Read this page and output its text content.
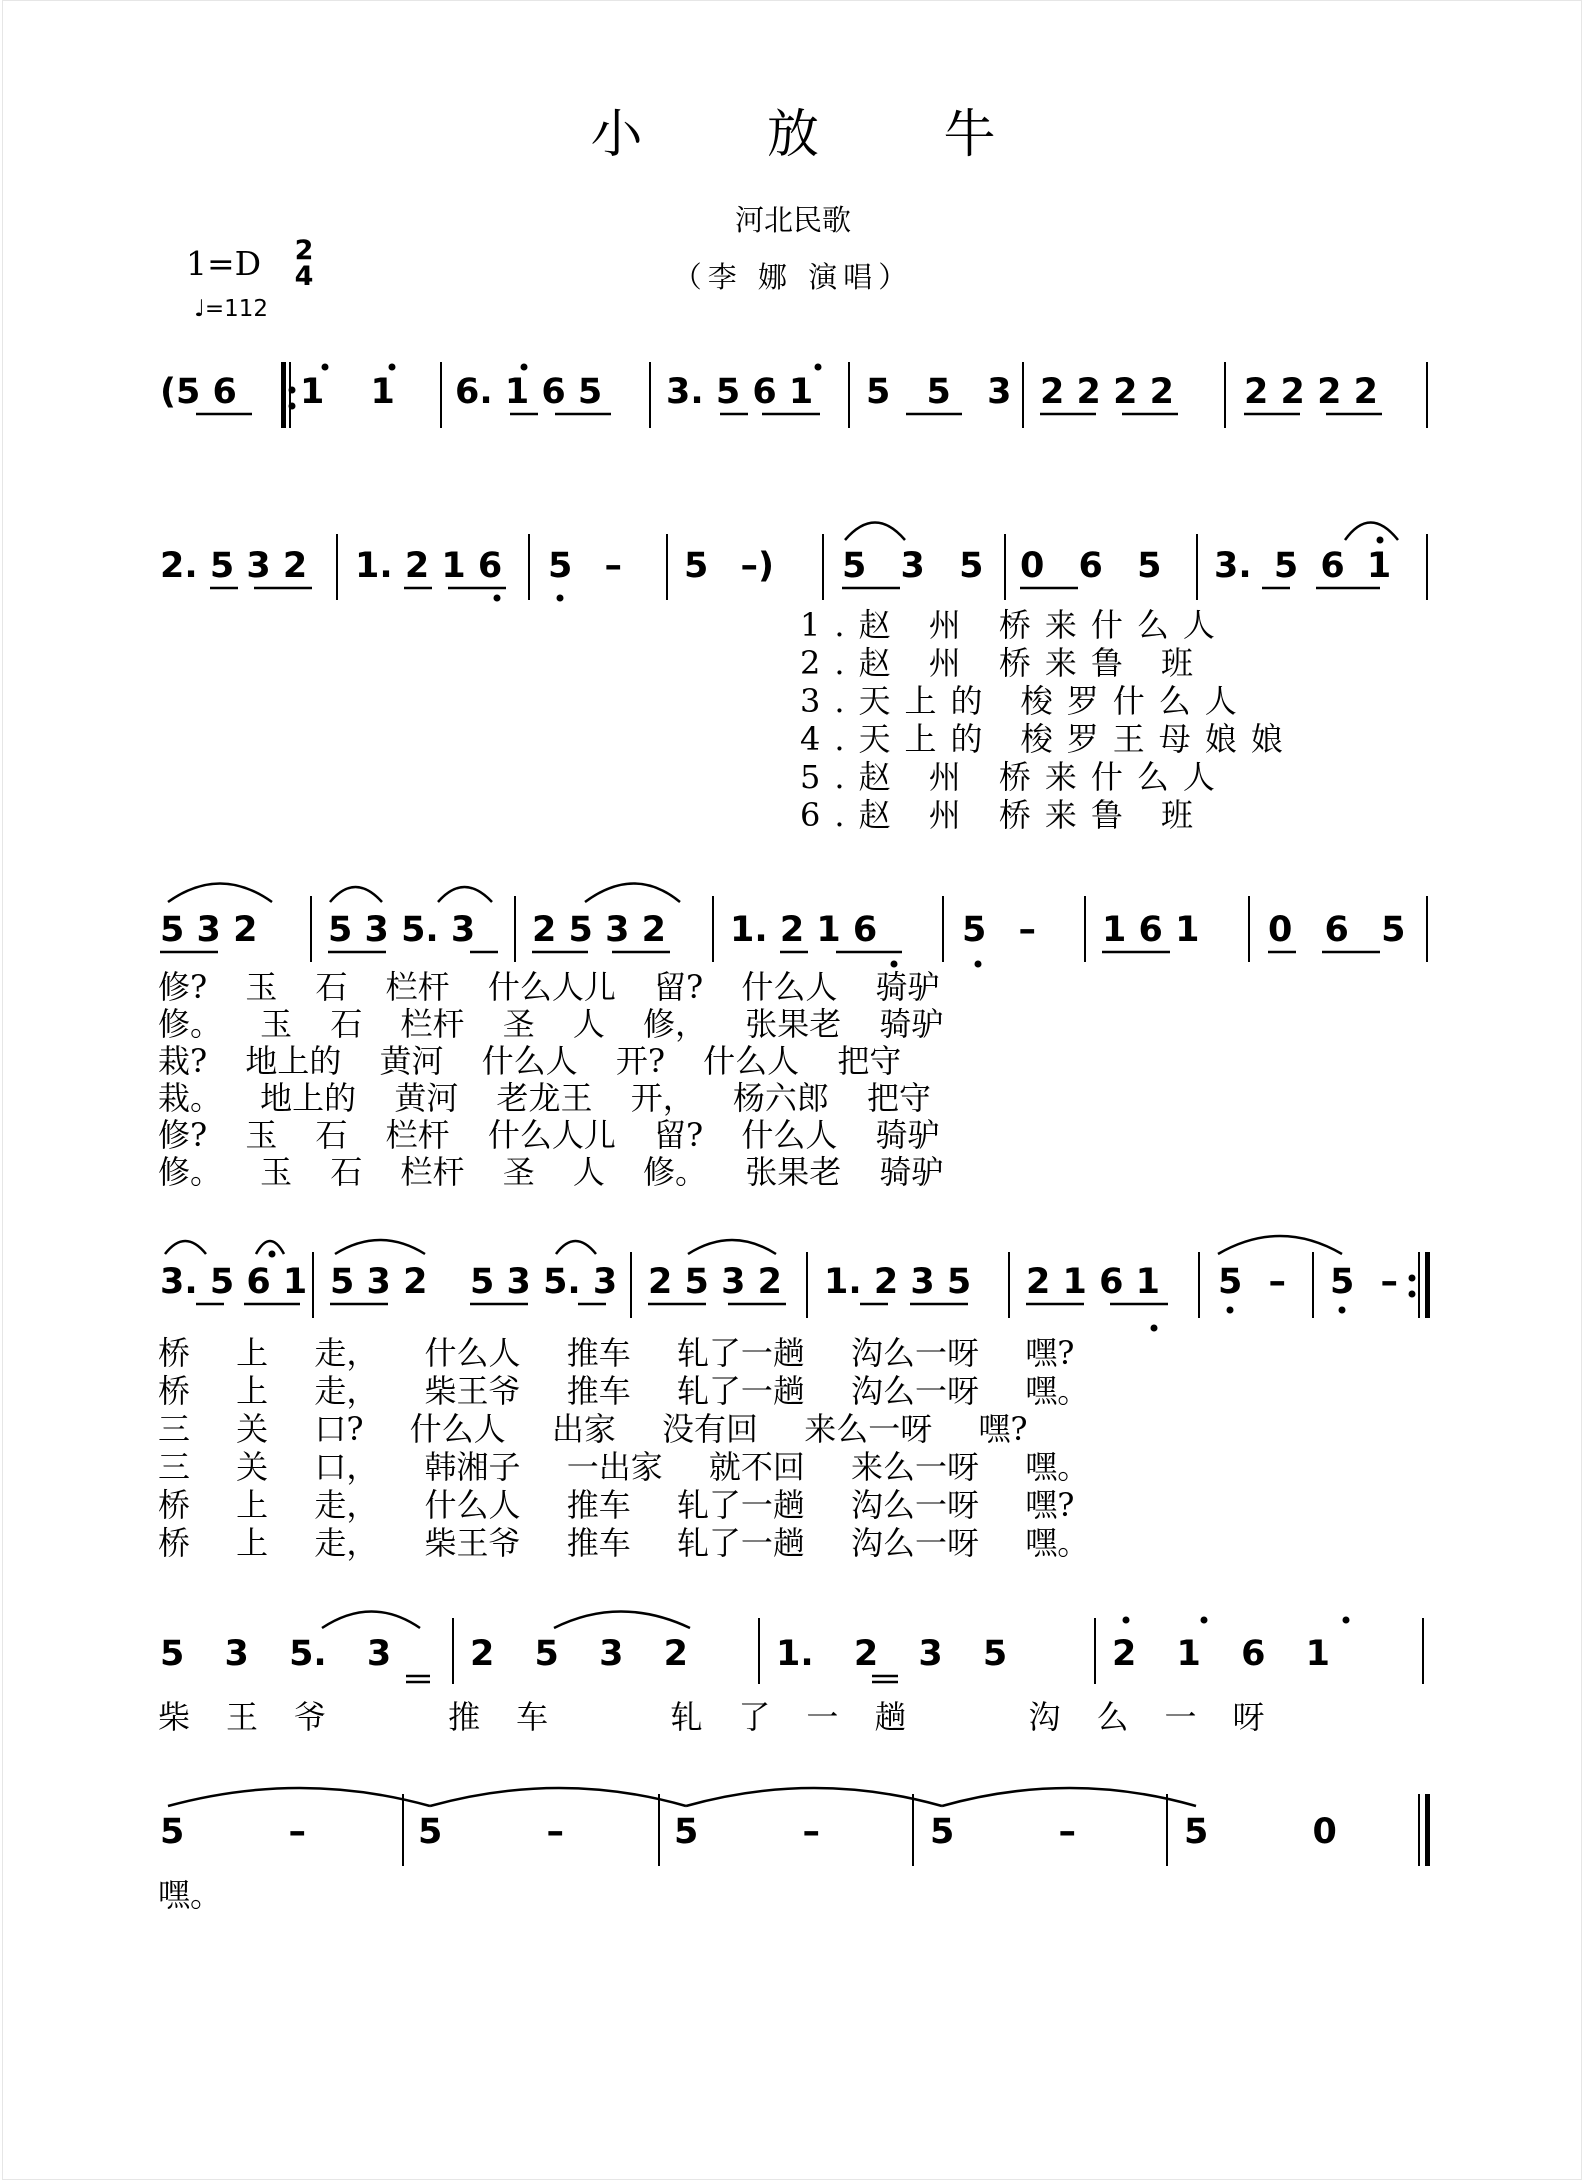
小 放 牛
河北民歌
（李 娜 演唱）
1=D 2
4
♩=112
(5 6 1 1 6. 1 6 5 3. 5 6 1 5 5 3 2 2 2 2 2 2 2 2
2. 5 3 2 1. 2 1 6 5 – 5 –) 5 3 5 0 6 5 3. 5 6 1
1.赵 州 桥来什么人
2.赵 州 桥来鲁 班
3.天上的 梭罗什么人
4.天上的 梭罗王母娘娘
5.赵 州 桥来什么人
6.赵 州 桥来鲁 班
5 3 2 5 3 5. 3 2 5 3 2 1. 2 1 6 5 – 1 6 1 0 6 5
修? 玉 石 栏杆 什么人儿 留? 什么人 骑驴
修。 玉 石 栏杆 圣 人 修， 张果老 骑驴
栽? 地上的 黄河 什么人 开? 什么人 把守
栽。 地上的 黄河 老龙王 开， 杨六郎 把守
修? 玉 石 栏杆 什么人儿 留? 什么人 骑驴
修。 玉 石 栏杆 圣 人 修。 张果老 骑驴
3. 5 6 1 5 3 2 5 3 5. 3 2 5 3 2 1. 2 3 5 2 1 6 1 5 – 5 –
桥 上 走， 什么人 推车 轧了一趟 沟么一呀 嘿?
桥 上 走， 柴王爷 推车 轧了一趟 沟么一呀 嘿。
三 关 口? 什么人 出家 没有回 来么一呀 嘿?
三 关 口， 韩湘子 一出家 就不回 来么一呀 嘿。
桥 上 走， 什么人 推车 轧了一趟 沟么一呀 嘿?
桥 上 走， 柴王爷 推车 轧了一趟 沟么一呀 嘿。
5 3 5. 3 2 5 3 2	1. 2 3 5	2 1 6 1
柴王爷 推车 轧了一趟 沟么一呀
5 –	5 –	5 –	5 –	5 0
嘿。
